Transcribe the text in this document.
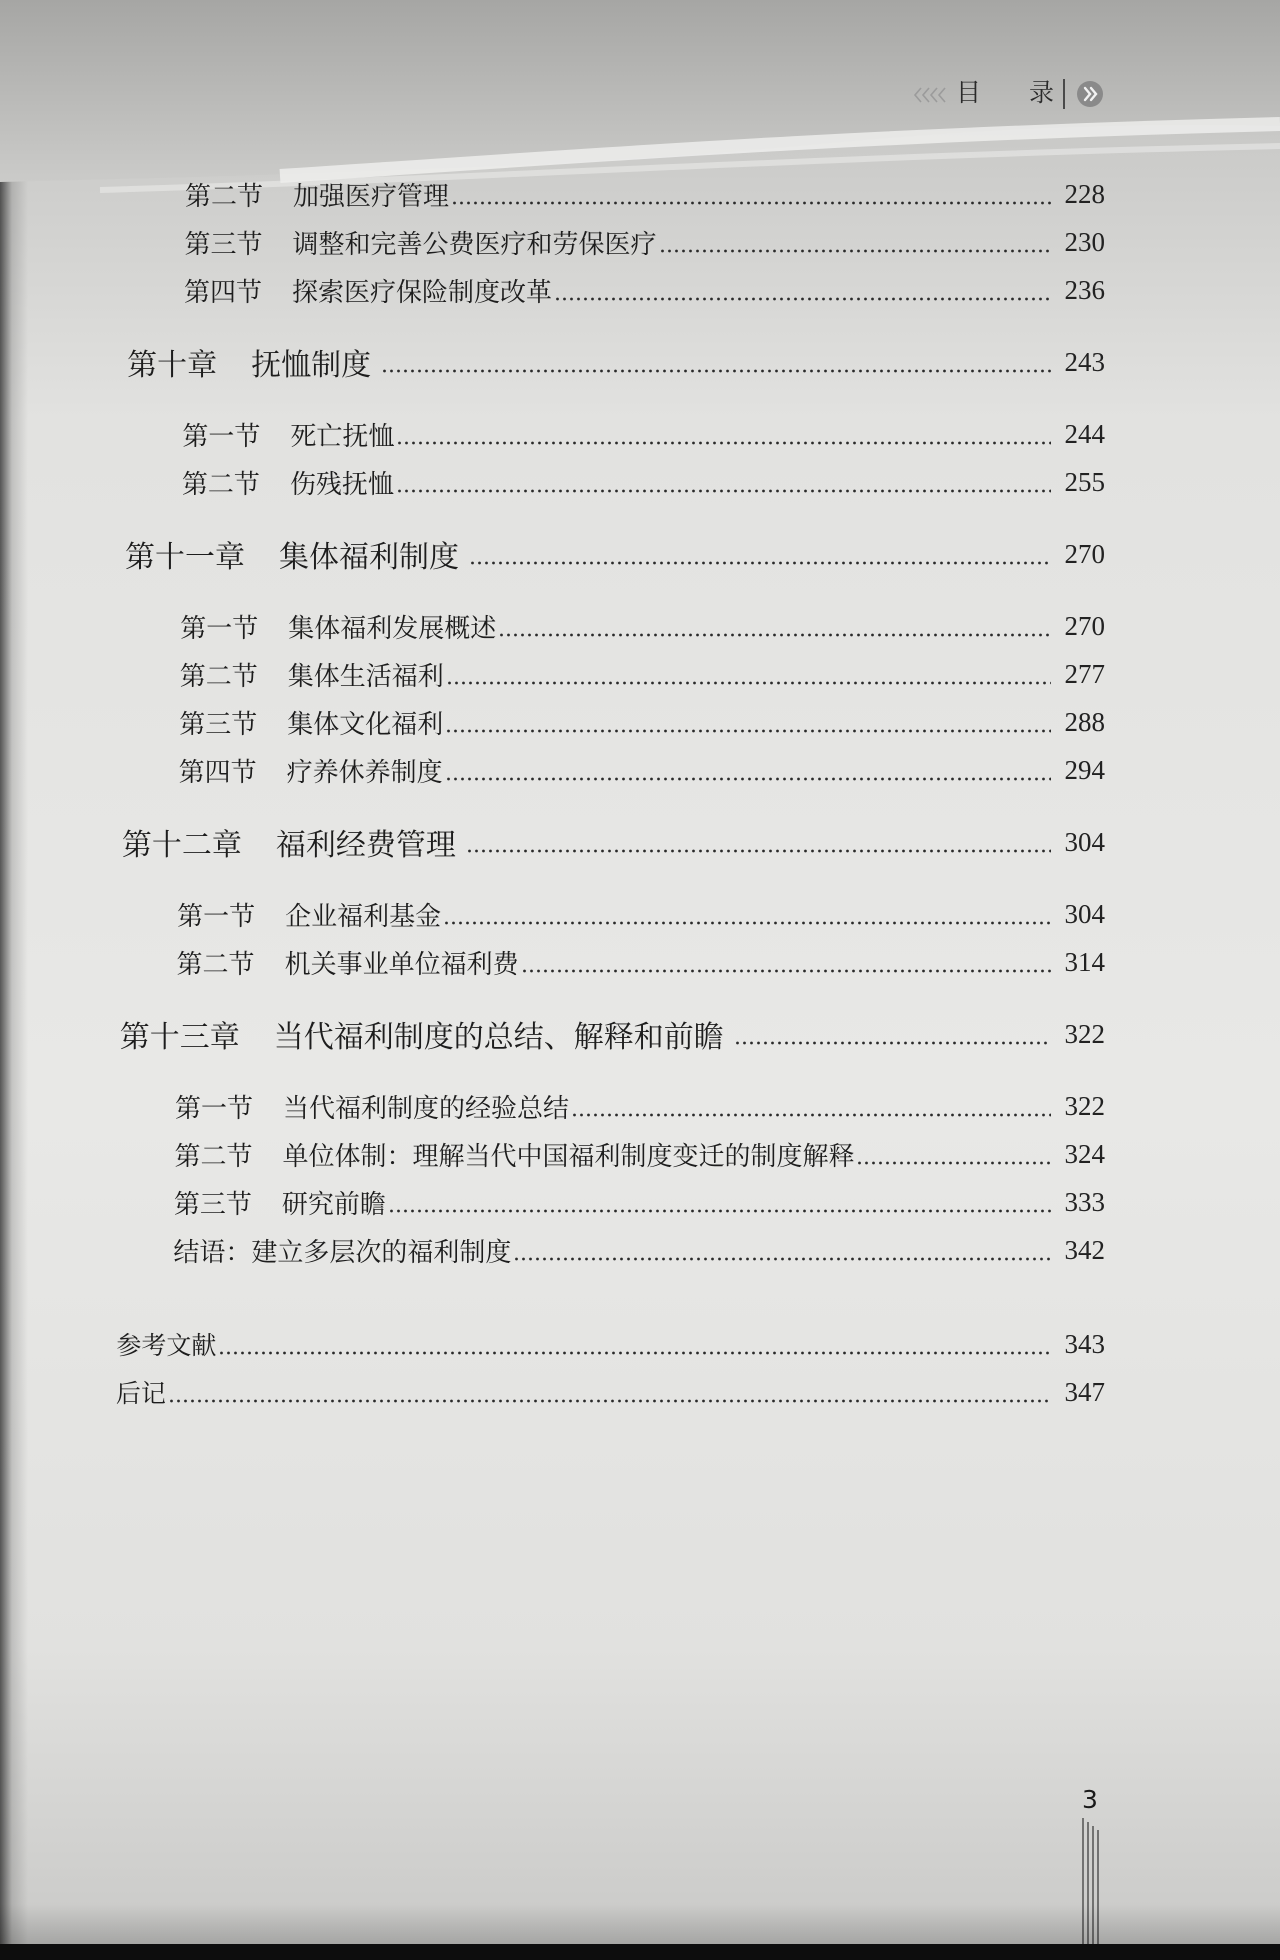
目 录
第二节 加强医疗管理	228
第三节 调整和完善公费医疗和劳保医疗	230
第四节 探索医疗保险制度改革	236
第十章 抚恤制度	243
第一节 死亡抚恤	244
第二节 伤残抚恤	255
第十一章 集体福利制度	270
第一节 集体福利发展概述	270
第二节 集体生活福利	277
第三节 集体文化福利	288
第四节 疗养休养制度	294
第十二章 福利经费管理	304
第一节 企业福利基金	304
第二节 机关事业单位福利费	314
第十三章 当代福利制度的总结、解释和前瞻	322
第一节 当代福利制度的经验总结	322
第二节 单位体制：理解当代中国福利制度变迁的制度解释	324
第三节 研究前瞻	333
结语：建立多层次的福利制度	342
参考文献	343
后记	347
3
